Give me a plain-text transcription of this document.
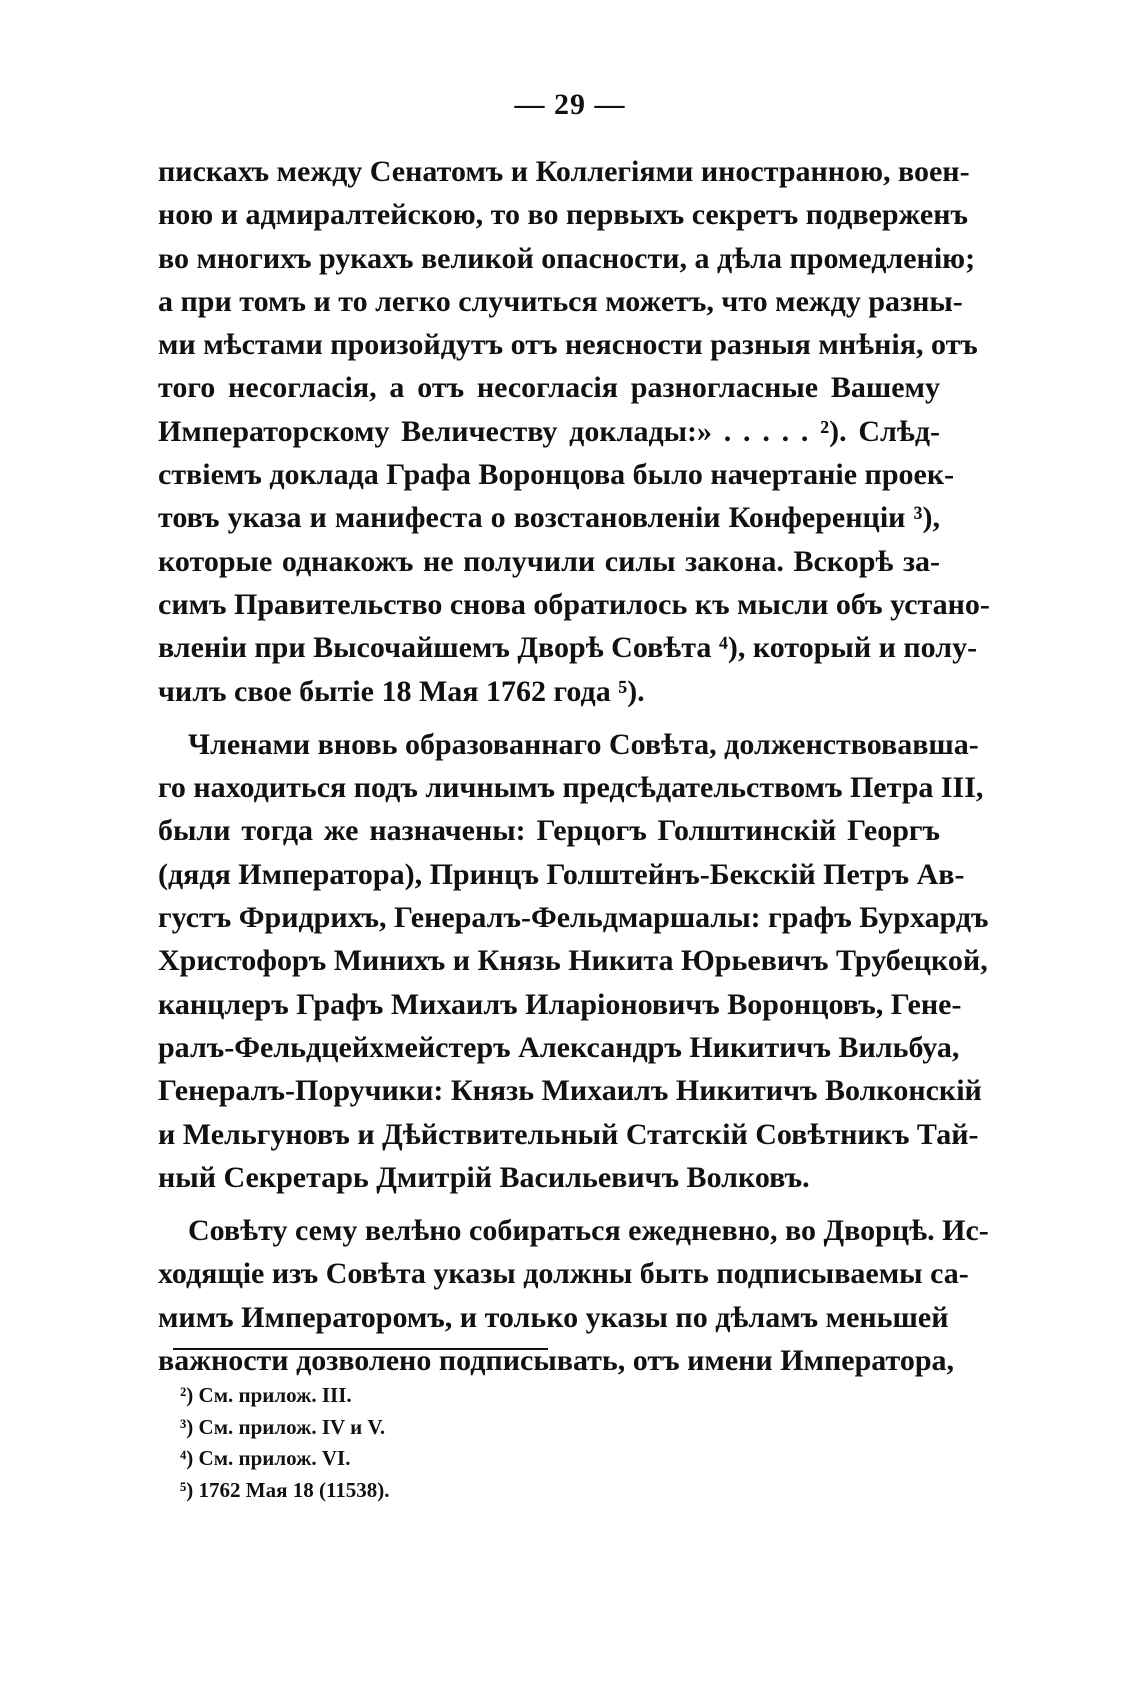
— 29 —

пискахъ между Сенатомъ и Коллегiями иностранною, воен-
ною и адмиралтейскою, то во первыхъ секретъ подверженъ
во многихъ рукахъ великой опасности, а дѣла промедленiю;
а при томъ и то легко случиться можетъ, что между разны-
ми мѣстами произойдутъ отъ неясности разныя мнѣнiя, отъ
того несогласiя, а отъ несогласiя разногласные Вашему
Императорскому Величеству доклады:» . . . . . ²). Слѣд-
ствiемъ доклада Графа Воронцова было начертанiе проек-
товъ указа и манифеста о возстановленiи Конференцiи ³),
которые однакожъ не получили силы закона. Вскорѣ за-
симъ Правительство снова обратилось къ мысли объ устано-
вленiи при Высочайшемъ Дворѣ Совѣта ⁴), который и полу-
чилъ свое бытiе 18 Мая 1762 года ⁵).

Членами вновь образованнаго Совѣта, долженствовавша-
го находиться подъ личнымъ предсѣдательствомъ Петра III,
были тогда же назначены: Герцогъ Голштинскiй Георгъ
(дядя Императора), Принцъ Голштейнъ-Бекскiй Петръ Ав-
густъ Фридрихъ, Генералъ-Фельдмаршалы: графъ Бурхардъ
Христофоръ Минихъ и Князь Никита Юрьевичъ Трубецкой,
канцлеръ Графъ Михаилъ Иларiоновичъ Воронцовъ, Гене-
ралъ-Фельдцейхмейстеръ Александръ Никитичъ Вильбуа,
Генералъ-Поручики: Князь Михаилъ Никитичъ Волконскiй
и Мельгуновъ и Дѣйствительный Статскiй Совѣтникъ Тай-
ный Секретарь Дмитрiй Васильевичъ Волковъ.

Совѣту сему велѣно собираться ежедневно, во Дворцѣ. Ис-
ходящiе изъ Совѣта указы должны быть подписываемы са-
мимъ Императоромъ, и только указы по дѣламъ меньшей
важности дозволено подписывать, отъ имени Императора,

²) См. прилож. III.
³) См. прилож. IV и V.
⁴) См. прилож. VI.
⁵) 1762 Мая 18 (11538).
